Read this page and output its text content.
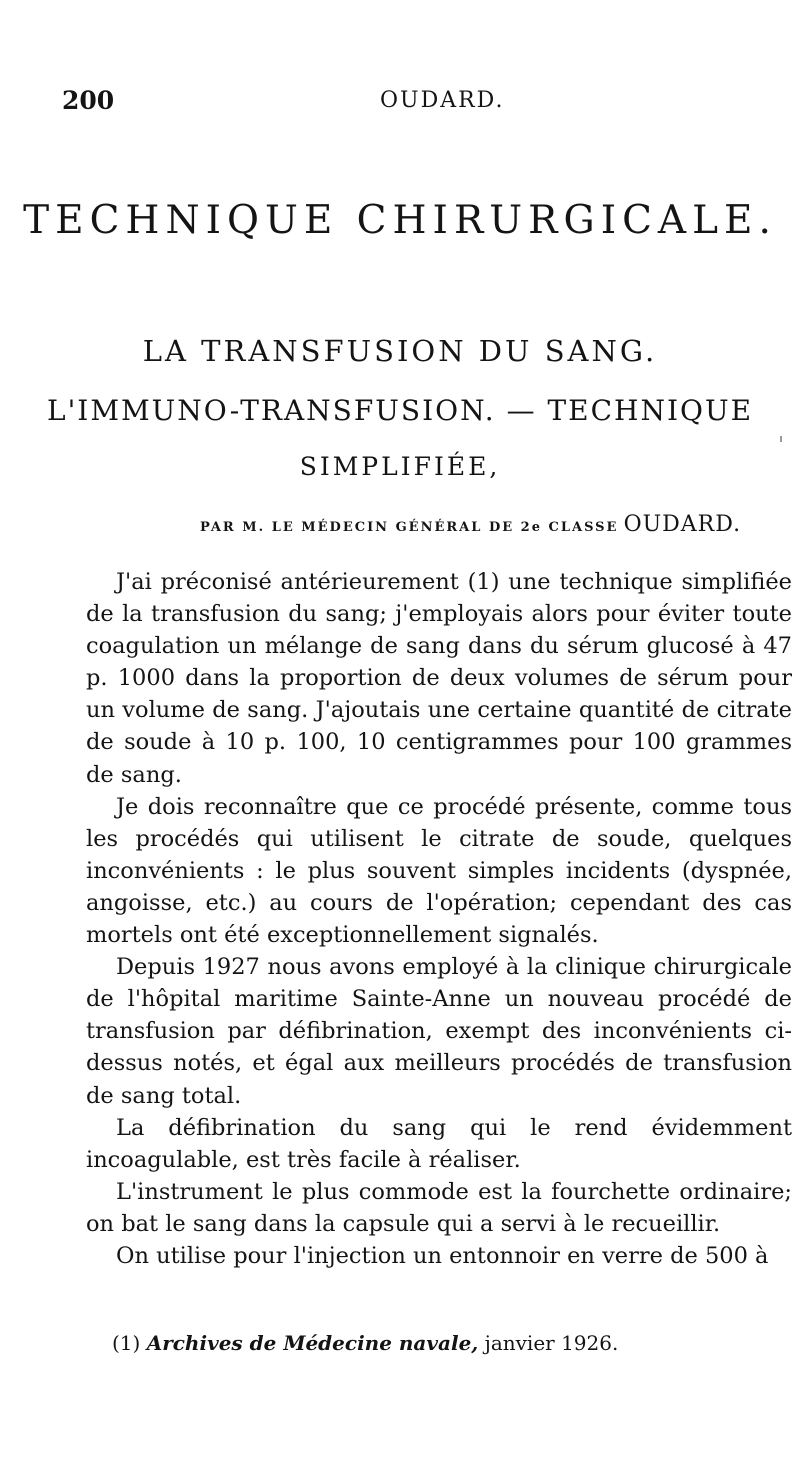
200	OUDARD.
TECHNIQUE CHIRURGICALE.
LA TRANSFUSION DU SANG.
L'IMMUNO-TRANSFUSION. — TECHNIQUE
SIMPLIFIÉE,
PAR M. LE MÉDECIN GÉNÉRAL DE 2e CLASSE OUDARD.

J'ai préconisé antérieurement (1) une technique simplifiée de la transfusion du sang; j'employais alors pour éviter toute coagulation un mélange de sang dans du sérum glucosé à 47 p. 1000 dans la proportion de deux volumes de sérum pour un volume de sang. J'ajoutais une certaine quantité de citrate de soude à 10 p. 100, 10 centigrammes pour 100 grammes de sang.

Je dois reconnaître que ce procédé présente, comme tous les procédés qui utilisent le citrate de soude, quelques inconvénients : le plus souvent simples incidents (dyspnée, angoisse, etc.) au cours de l'opération; cependant des cas mortels ont été exceptionnellement signalés.

Depuis 1927 nous avons employé à la clinique chirurgicale de l'hôpital maritime Sainte-Anne un nouveau procédé de transfusion par défibrination, exempt des inconvénients ci-dessus notés, et égal aux meilleurs procédés de transfusion de sang total.

La défibrination du sang qui le rend évidemment incoagulable, est très facile à réaliser.

L'instrument le plus commode est la fourchette ordinaire; on bat le sang dans la capsule qui a servi à le recueillir.

On utilise pour l'injection un entonnoir en verre de 500 à

(1) Archives de Médecine navale, janvier 1926.
